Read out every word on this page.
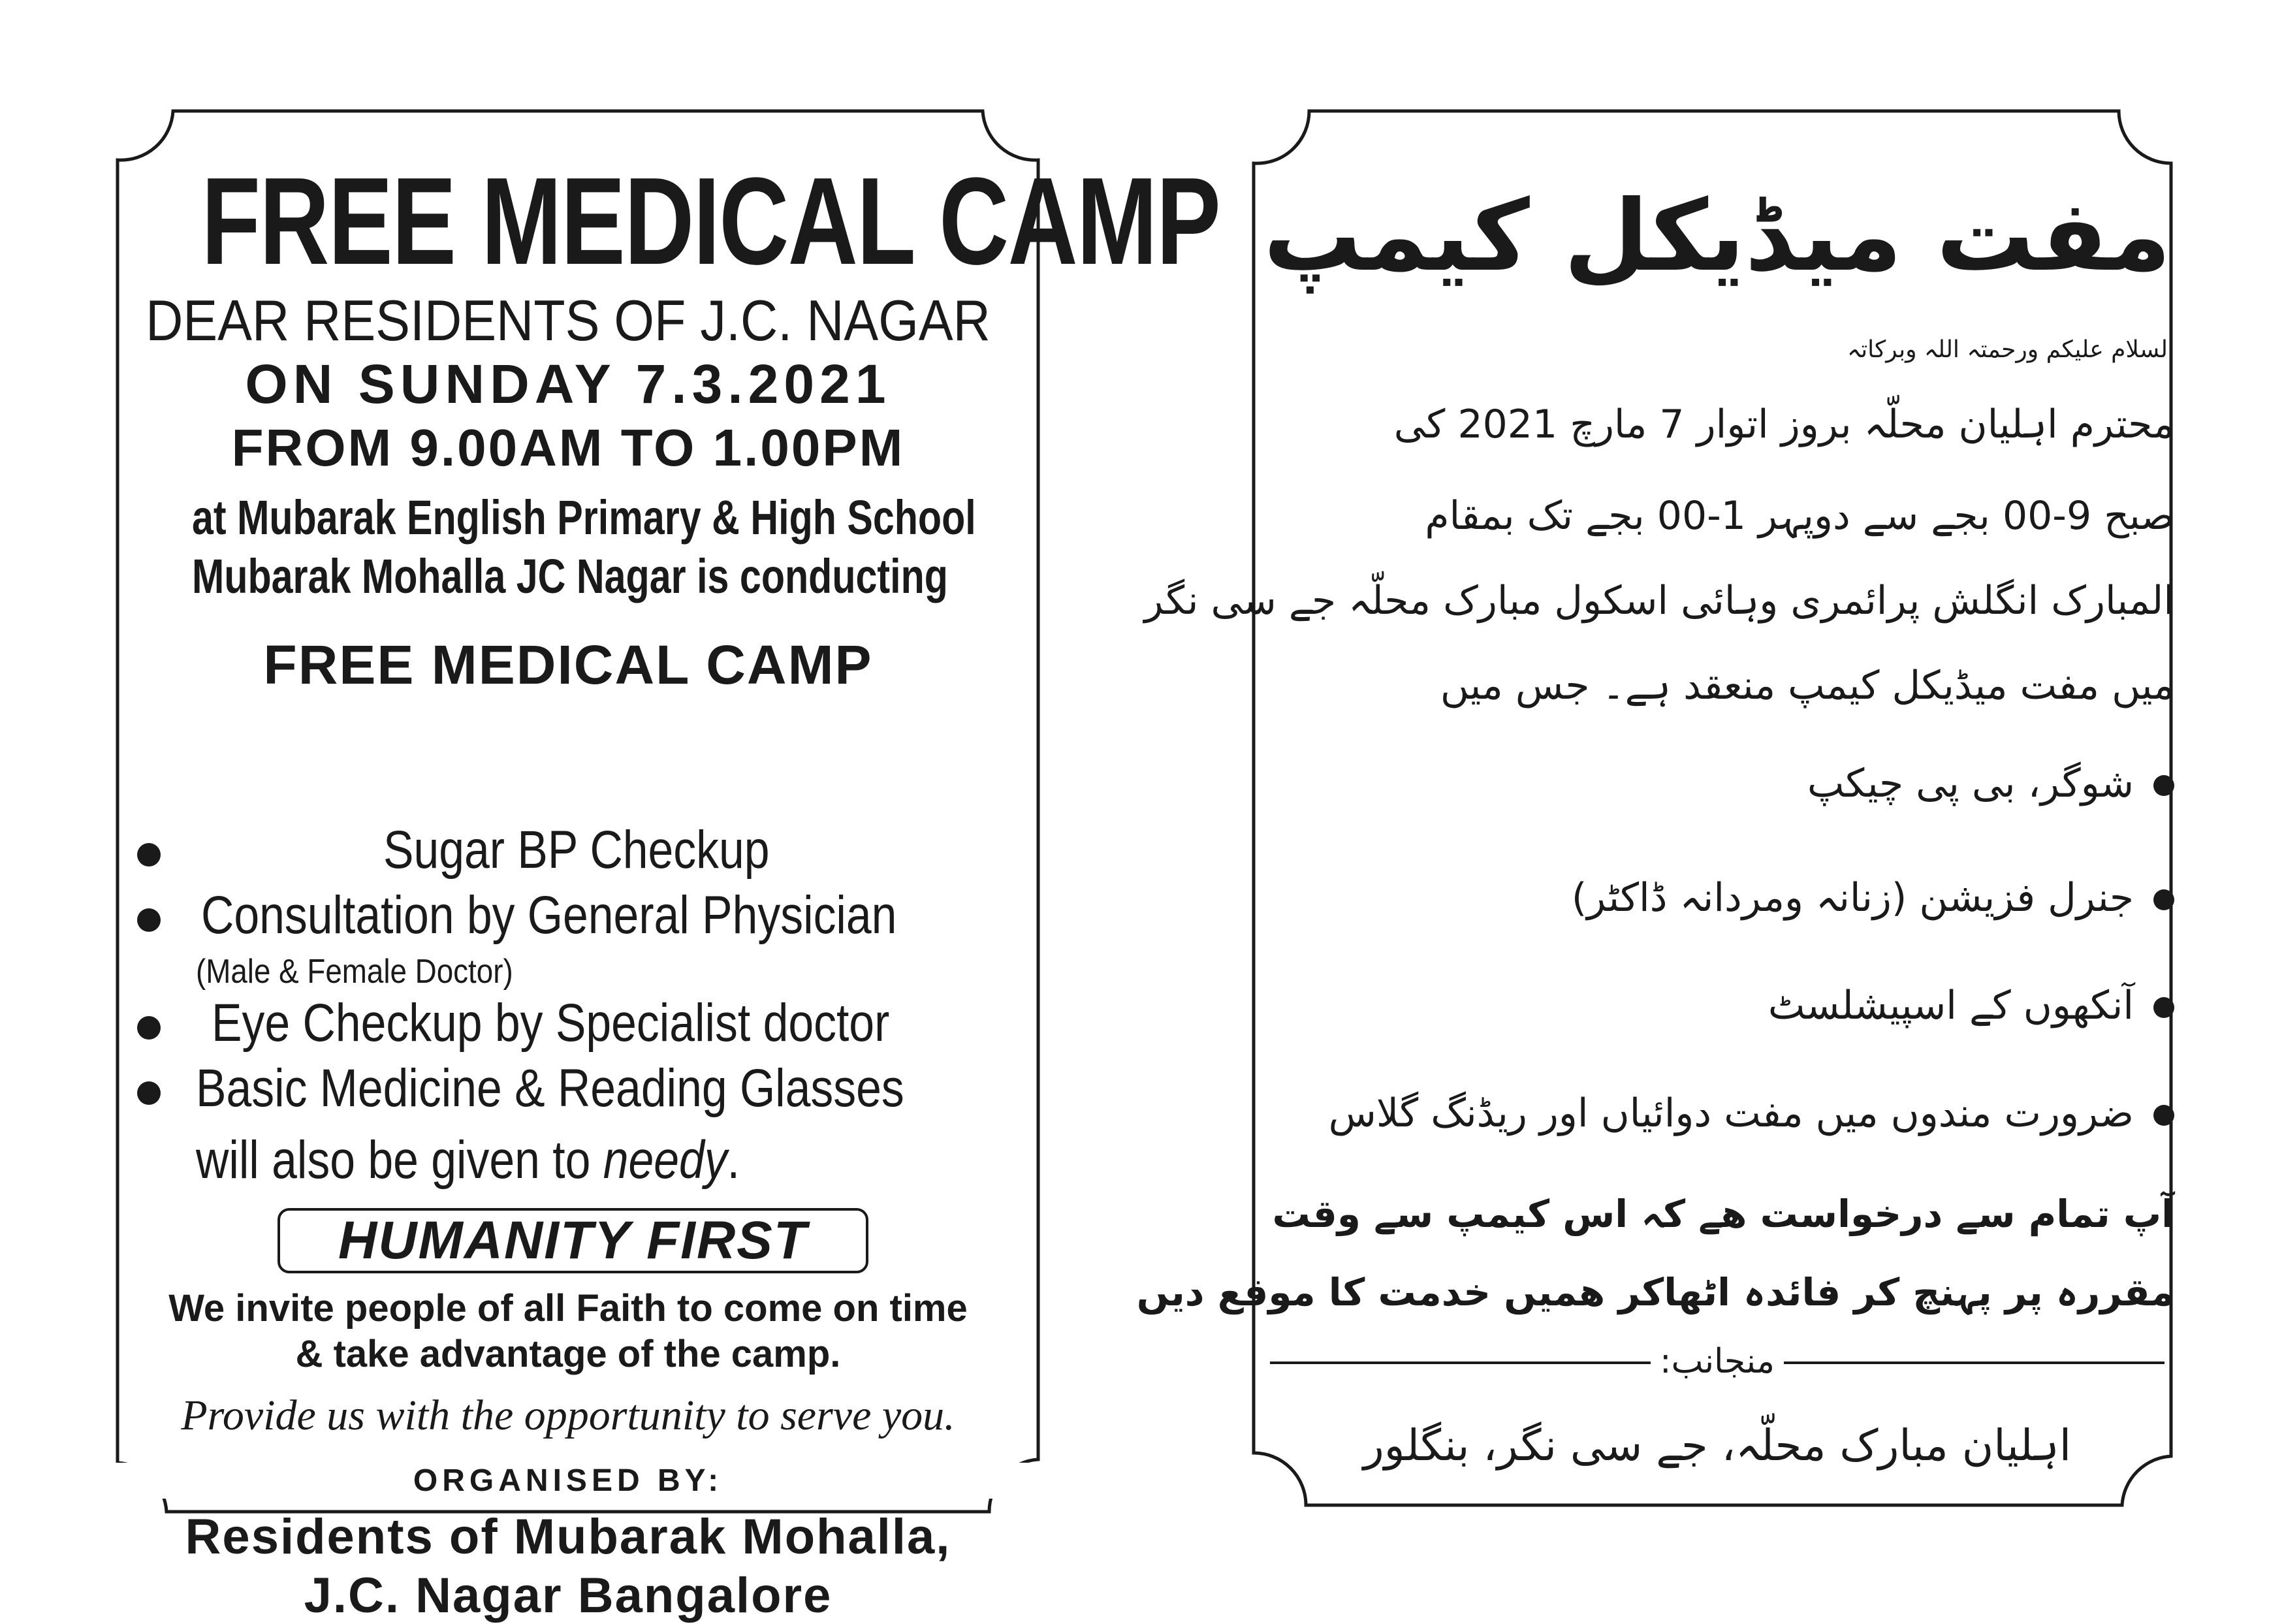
FREE MEDICAL CAMP
DEAR RESIDENTS OF J.C. NAGAR
ON SUNDAY 7.3.2021
FROM 9.00AM TO 1.00PM
at Mubarak English Primary & High School
Mubarak Mohalla JC Nagar is conducting
FREE MEDICAL CAMP
Sugar BP Checkup
Consultation by General Physician
(Male & Female Doctor)
Eye Checkup by Specialist doctor
Basic Medicine & Reading Glasses
will also be given to needy.
HUMANITY FIRST
We invite people of all Faith to come on time
& take advantage of the camp.
Provide us with the opportunity to serve you.
ORGANISED BY:
Residents of Mubarak Mohalla,
J.C. Nagar Bangalore
مفت میڈیکل کیمپ
السلام علیکم ورحمتہ اللہ وبرکاتہ
محترم اہلیان محلّہ بروز اتوار 7 مارچ 2021 کی
صبح 9-00 بجے سے دوپہر 1-00 بجے تک بمقام
المبارک انگلش پرائمری وہائی اسکول مبارک محلّہ جے سی نگر
میں مفت میڈیکل کیمپ منعقد ہے۔ جس میں
شوگر، بی پی چیکپ
جنرل فزیشن (زنانہ ومردانہ ڈاکٹر)
آنکھوں کے اسپیشلسٹ
ضرورت مندوں میں مفت دوائیاں اور ریڈنگ گلاس
آپ تمام سے درخواست ھے کہ اس کیمپ سے وقت
مقررہ پر پہنچ کر فائدہ اٹھاکر ھمیں خدمت کا موقع دیں
منجانب:
اہلیان مبارک محلّہ، جے سی نگر، بنگلور
